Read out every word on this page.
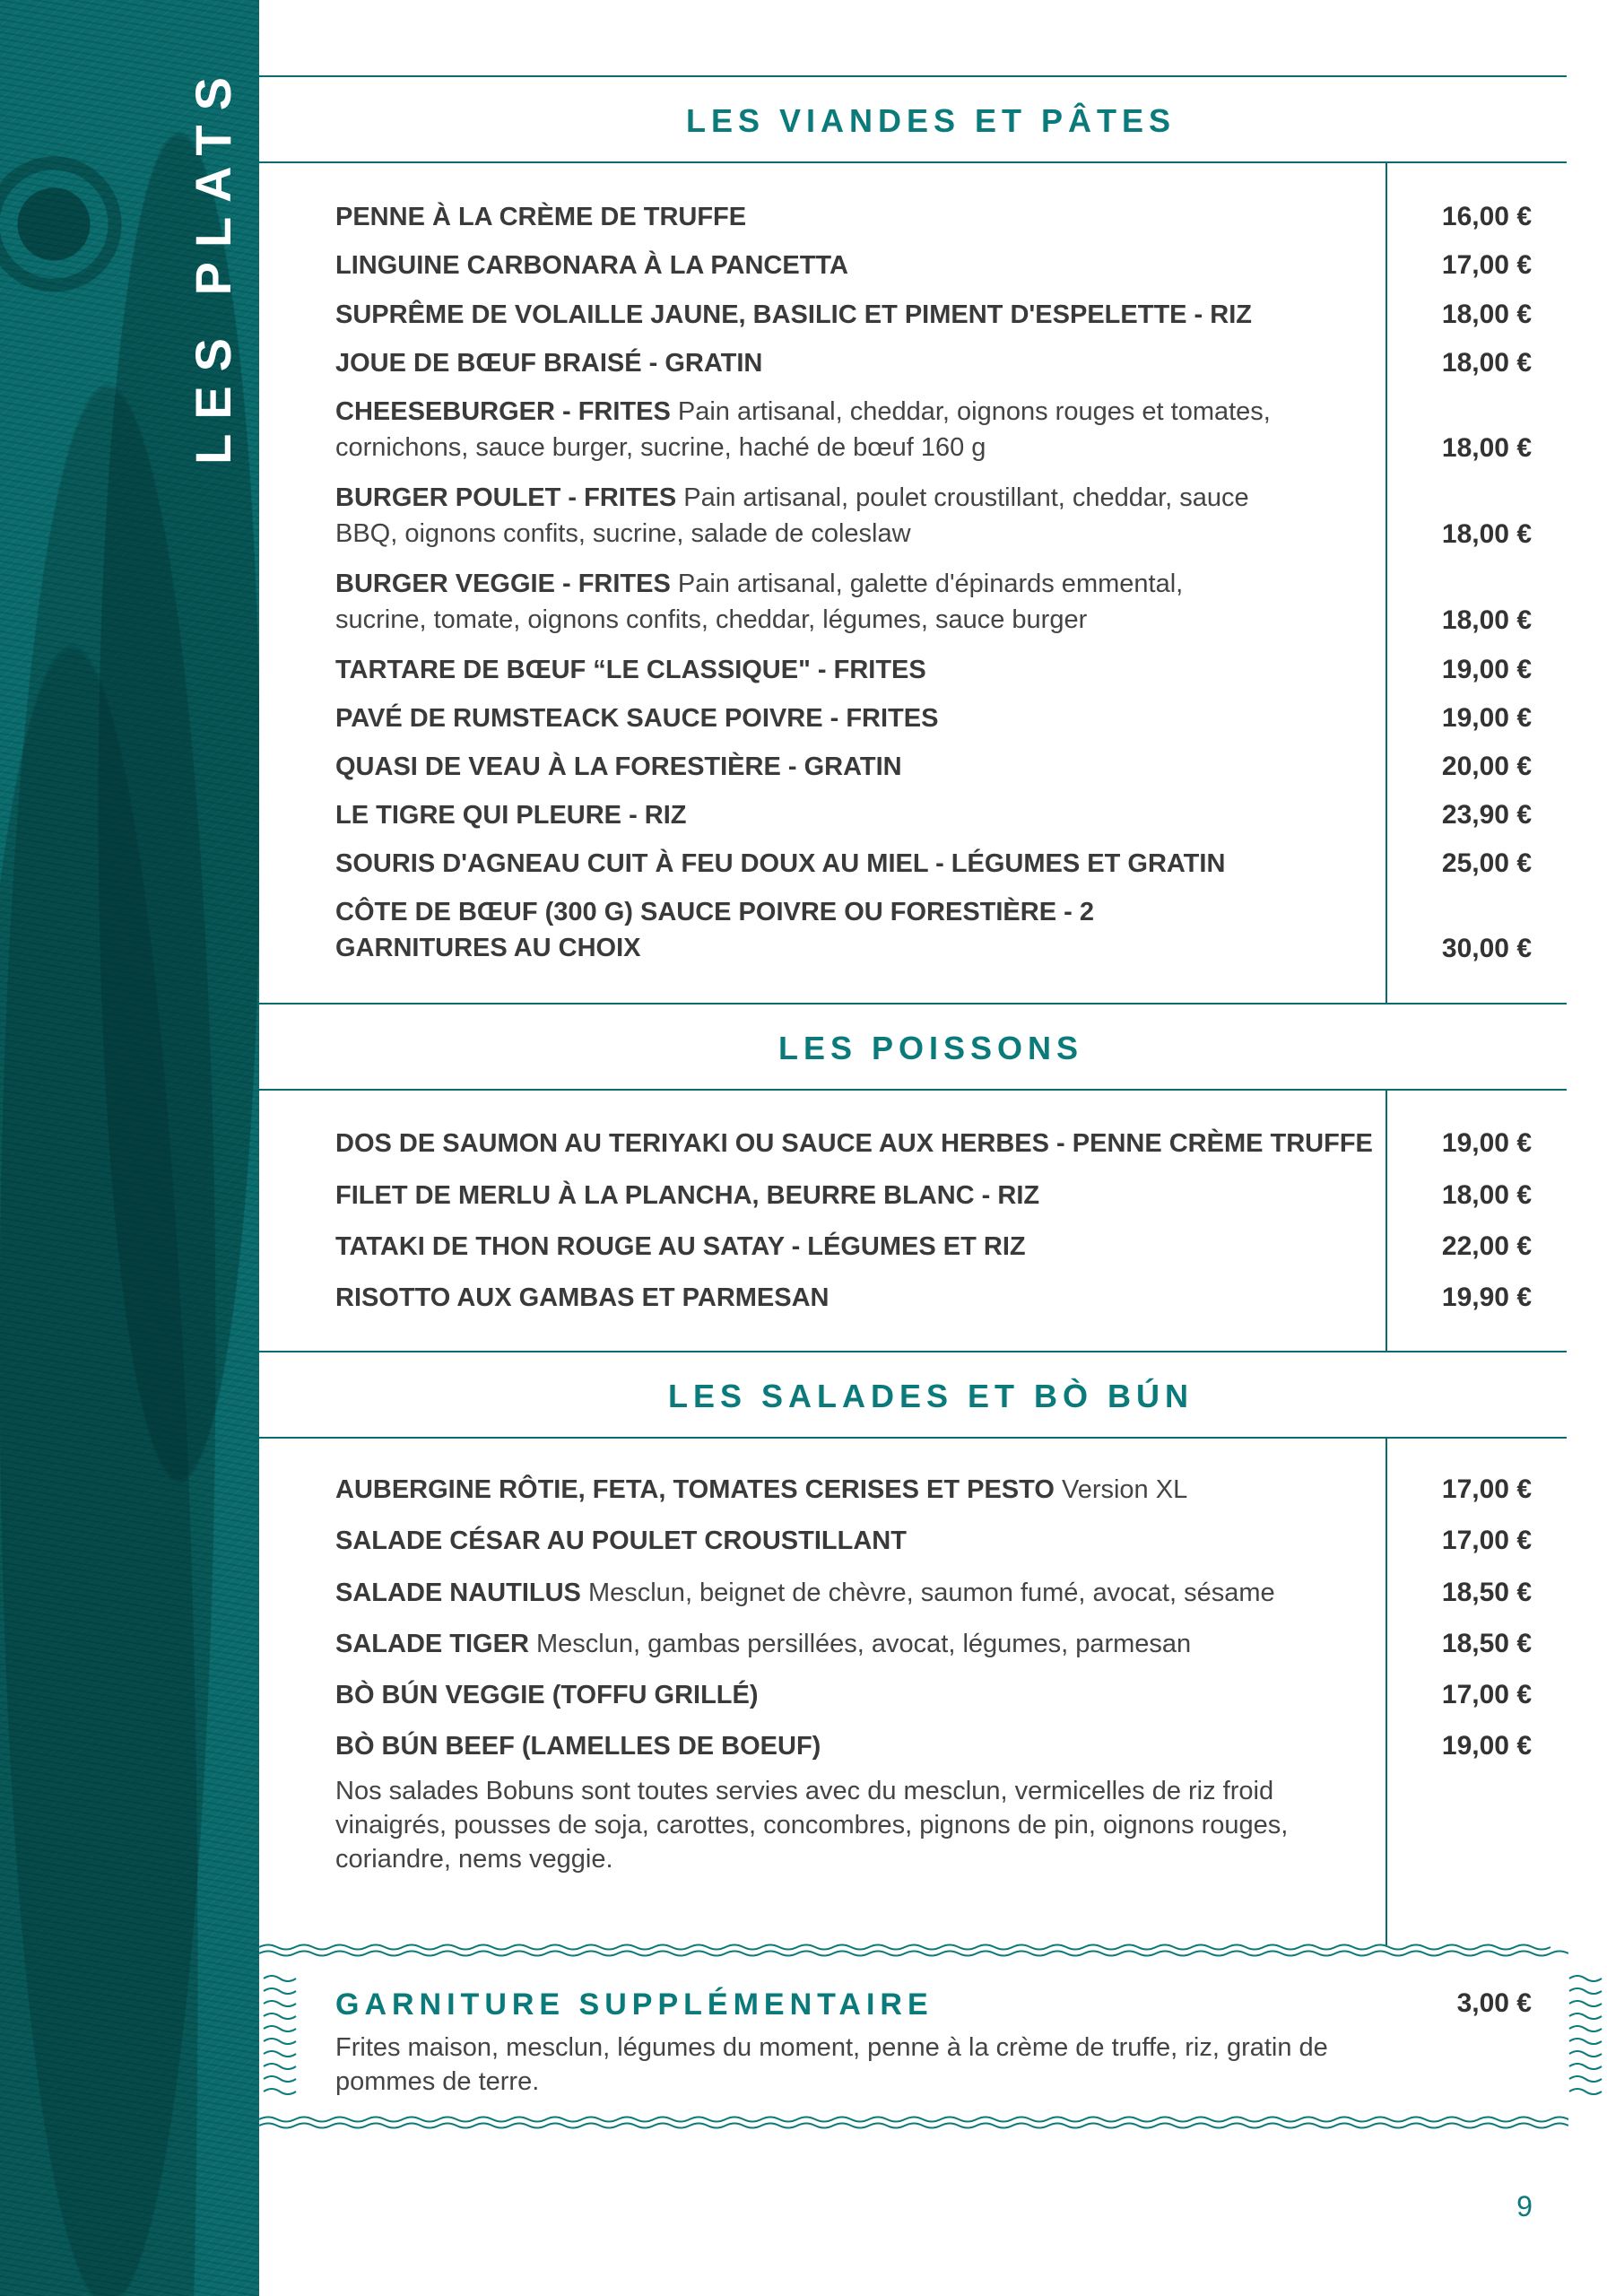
LES PLATS	LES VIANDES ET PÂTES
PENNE À LA CRÈME DE TRUFFE	16,00 €
LINGUINE CARBONARA À LA PANCETTA	17,00 €
SUPRÊME DE VOLAILLE JAUNE, BASILIC ET PIMENT D'ESPELETTE - RIZ	18,00 €
JOUE DE BŒUF BRAISÉ - GRATIN	18,00 €
CHEESEBURGER - FRITES Pain artisanal, cheddar, oignons rouges et tomates, cornichons, sauce burger, sucrine, haché de bœuf 160 g	18,00 €
BURGER POULET - FRITES Pain artisanal, poulet croustillant, cheddar, sauce BBQ, oignons confits, sucrine, salade de coleslaw	18,00 €
BURGER VEGGIE - FRITES Pain artisanal, galette d'épinards emmental, sucrine, tomate, oignons confits, cheddar, légumes, sauce burger	18,00 €
TARTARE DE BŒUF “LE CLASSIQUE" - FRITES	19,00 €
PAVÉ DE RUMSTEACK SAUCE POIVRE - FRITES	19,00 €
QUASI DE VEAU À LA FORESTIÈRE - GRATIN	20,00 €
LE TIGRE QUI PLEURE - RIZ	23,90 €
SOURIS D'AGNEAU CUIT À FEU DOUX AU MIEL - LÉGUMES ET GRATIN	25,00 €
CÔTE DE BŒUF (300 G) SAUCE POIVRE OU FORESTIÈRE - 2 GARNITURES AU CHOIX	30,00 €
LES POISSONS
DOS DE SAUMON AU TERIYAKI OU SAUCE AUX HERBES - PENNE CRÈME TRUFFE	19,00 €
FILET DE MERLU À LA PLANCHA, BEURRE BLANC - RIZ	18,00 €
TATAKI DE THON ROUGE AU SATAY - LÉGUMES ET RIZ	22,00 €
RISOTTO AUX GAMBAS ET PARMESAN	19,90 €
LES SALADES ET BÒ BÚN
AUBERGINE RÔTIE, FETA, TOMATES CERISES ET PESTO Version XL	17,00 €
SALADE CÉSAR AU POULET CROUSTILLANT	17,00 €
SALADE NAUTILUS Mesclun, beignet de chèvre, saumon fumé, avocat, sésame	18,50 €
SALADE TIGER Mesclun, gambas persillées, avocat, légumes, parmesan	18,50 €
BÒ BÚN VEGGIE (TOFFU GRILLÉ)	17,00 €
BÒ BÚN BEEF (LAMELLES DE BOEUF)	19,00 €
Nos salades Bobuns sont toutes servies avec du mesclun, vermicelles de riz froid vinaigrés, pousses de soja, carottes, concombres, pignons de pin, oignons rouges, coriandre, nems veggie.
GARNITURE SUPPLÉMENTAIRE	3,00 €
Frites maison, mesclun, légumes du moment, penne à la crème de truffe, riz, gratin de pommes de terre.
9
